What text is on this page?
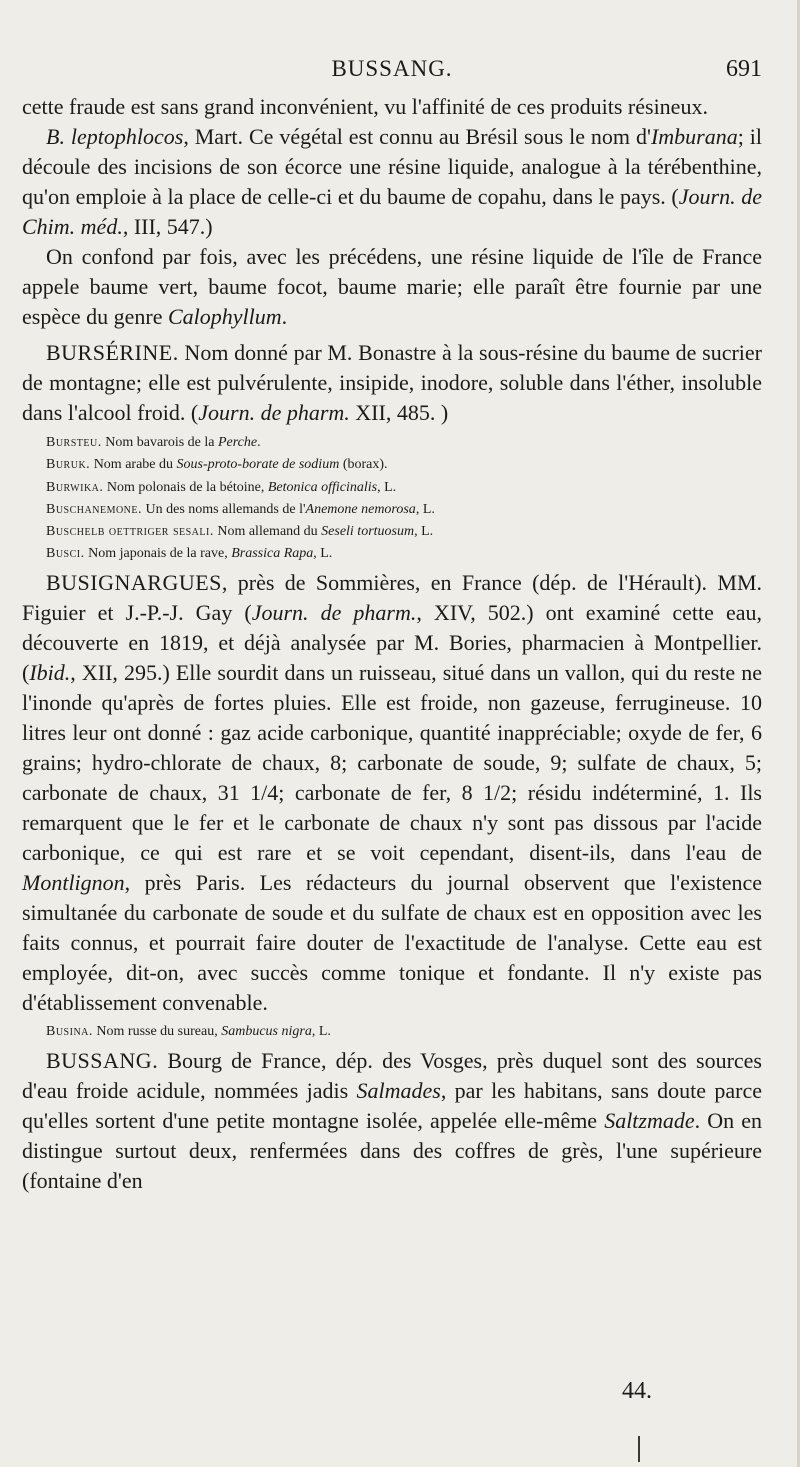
BUSSANG.	691

cette fraude est sans grand inconvénient, vu l'affinité de ces produits résineux.

B. leptophlocos, Mart. Ce végétal est connu au Brésil sous le nom d'Imburana; il découle des incisions de son écorce une résine liquide, analogue à la térébenthine, qu'on emploie à la place de celle-ci et du baume de copahu, dans le pays. (Journ. de Chim. méd., III, 547.)

On confond par fois, avec les précédens, une résine liquide de l'île de France appele baume vert, baume focot, baume marie; elle paraît être fournie par une espèce du genre Calophyllum.

BURSÉRINE. Nom donné par M. Bonastre à la sous-résine du baume de sucrier de montagne; elle est pulvérulente, insipide, inodore, soluble dans l'éther, insoluble dans l'alcool froid. (Journ. de pharm. XII, 485. )

Bursteu. Nom bavarois de la Perche.

Buruk. Nom arabe du Sous-proto-borate de sodium (borax).

Burwika. Nom polonais de la bétoine, Betonica officinalis, L.

Buschanemone. Un des noms allemands de l'Anemone nemorosa, L.

Buschelb oettriger sesali. Nom allemand du Seseli tortuosum, L.

Busci. Nom japonais de la rave, Brassica Rapa, L.

BUSIGNARGUES, près de Sommières, en France (dép. de l'Hérault). MM. Figuier et J.-P.-J. Gay (Journ. de pharm., XIV, 502.) ont examiné cette eau, découverte en 1819, et déjà analysée par M. Bories, pharmacien à Montpellier. (Ibid., XII, 295.) Elle sourdit dans un ruisseau, situé dans un vallon, qui du reste ne l'inonde qu'après de fortes pluies. Elle est froide, non gazeuse, ferrugineuse. 10 litres leur ont donné : gaz acide carbonique, quantité inappréciable; oxyde de fer, 6 grains; hydro-chlorate de chaux, 8; carbonate de soude, 9; sulfate de chaux, 5; carbonate de chaux, 31 1/4; carbonate de fer, 8 1/2; résidu indéterminé, 1. Ils remarquent que le fer et le carbonate de chaux n'y sont pas dissous par l'acide carbonique, ce qui est rare et se voit cependant, disent-ils, dans l'eau de Montlignon, près Paris. Les rédacteurs du journal observent que l'existence simultanée du carbonate de soude et du sulfate de chaux est en opposition avec les faits connus, et pourrait faire douter de l'exactitude de l'analyse. Cette eau est employée, dit-on, avec succès comme tonique et fondante. Il n'y existe pas d'établissement convenable.

Busina. Nom russe du sureau, Sambucus nigra, L.

BUSSANG. Bourg de France, dép. des Vosges, près duquel sont des sources d'eau froide acidule, nommées jadis Salmades, par les habitans, sans doute parce qu'elles sortent d'une petite montagne isolée, appelée elle-même Saltzmade. On en distingue surtout deux, renfermées dans des coffres de grès, l'une supérieure (fontaine d'en

44.
